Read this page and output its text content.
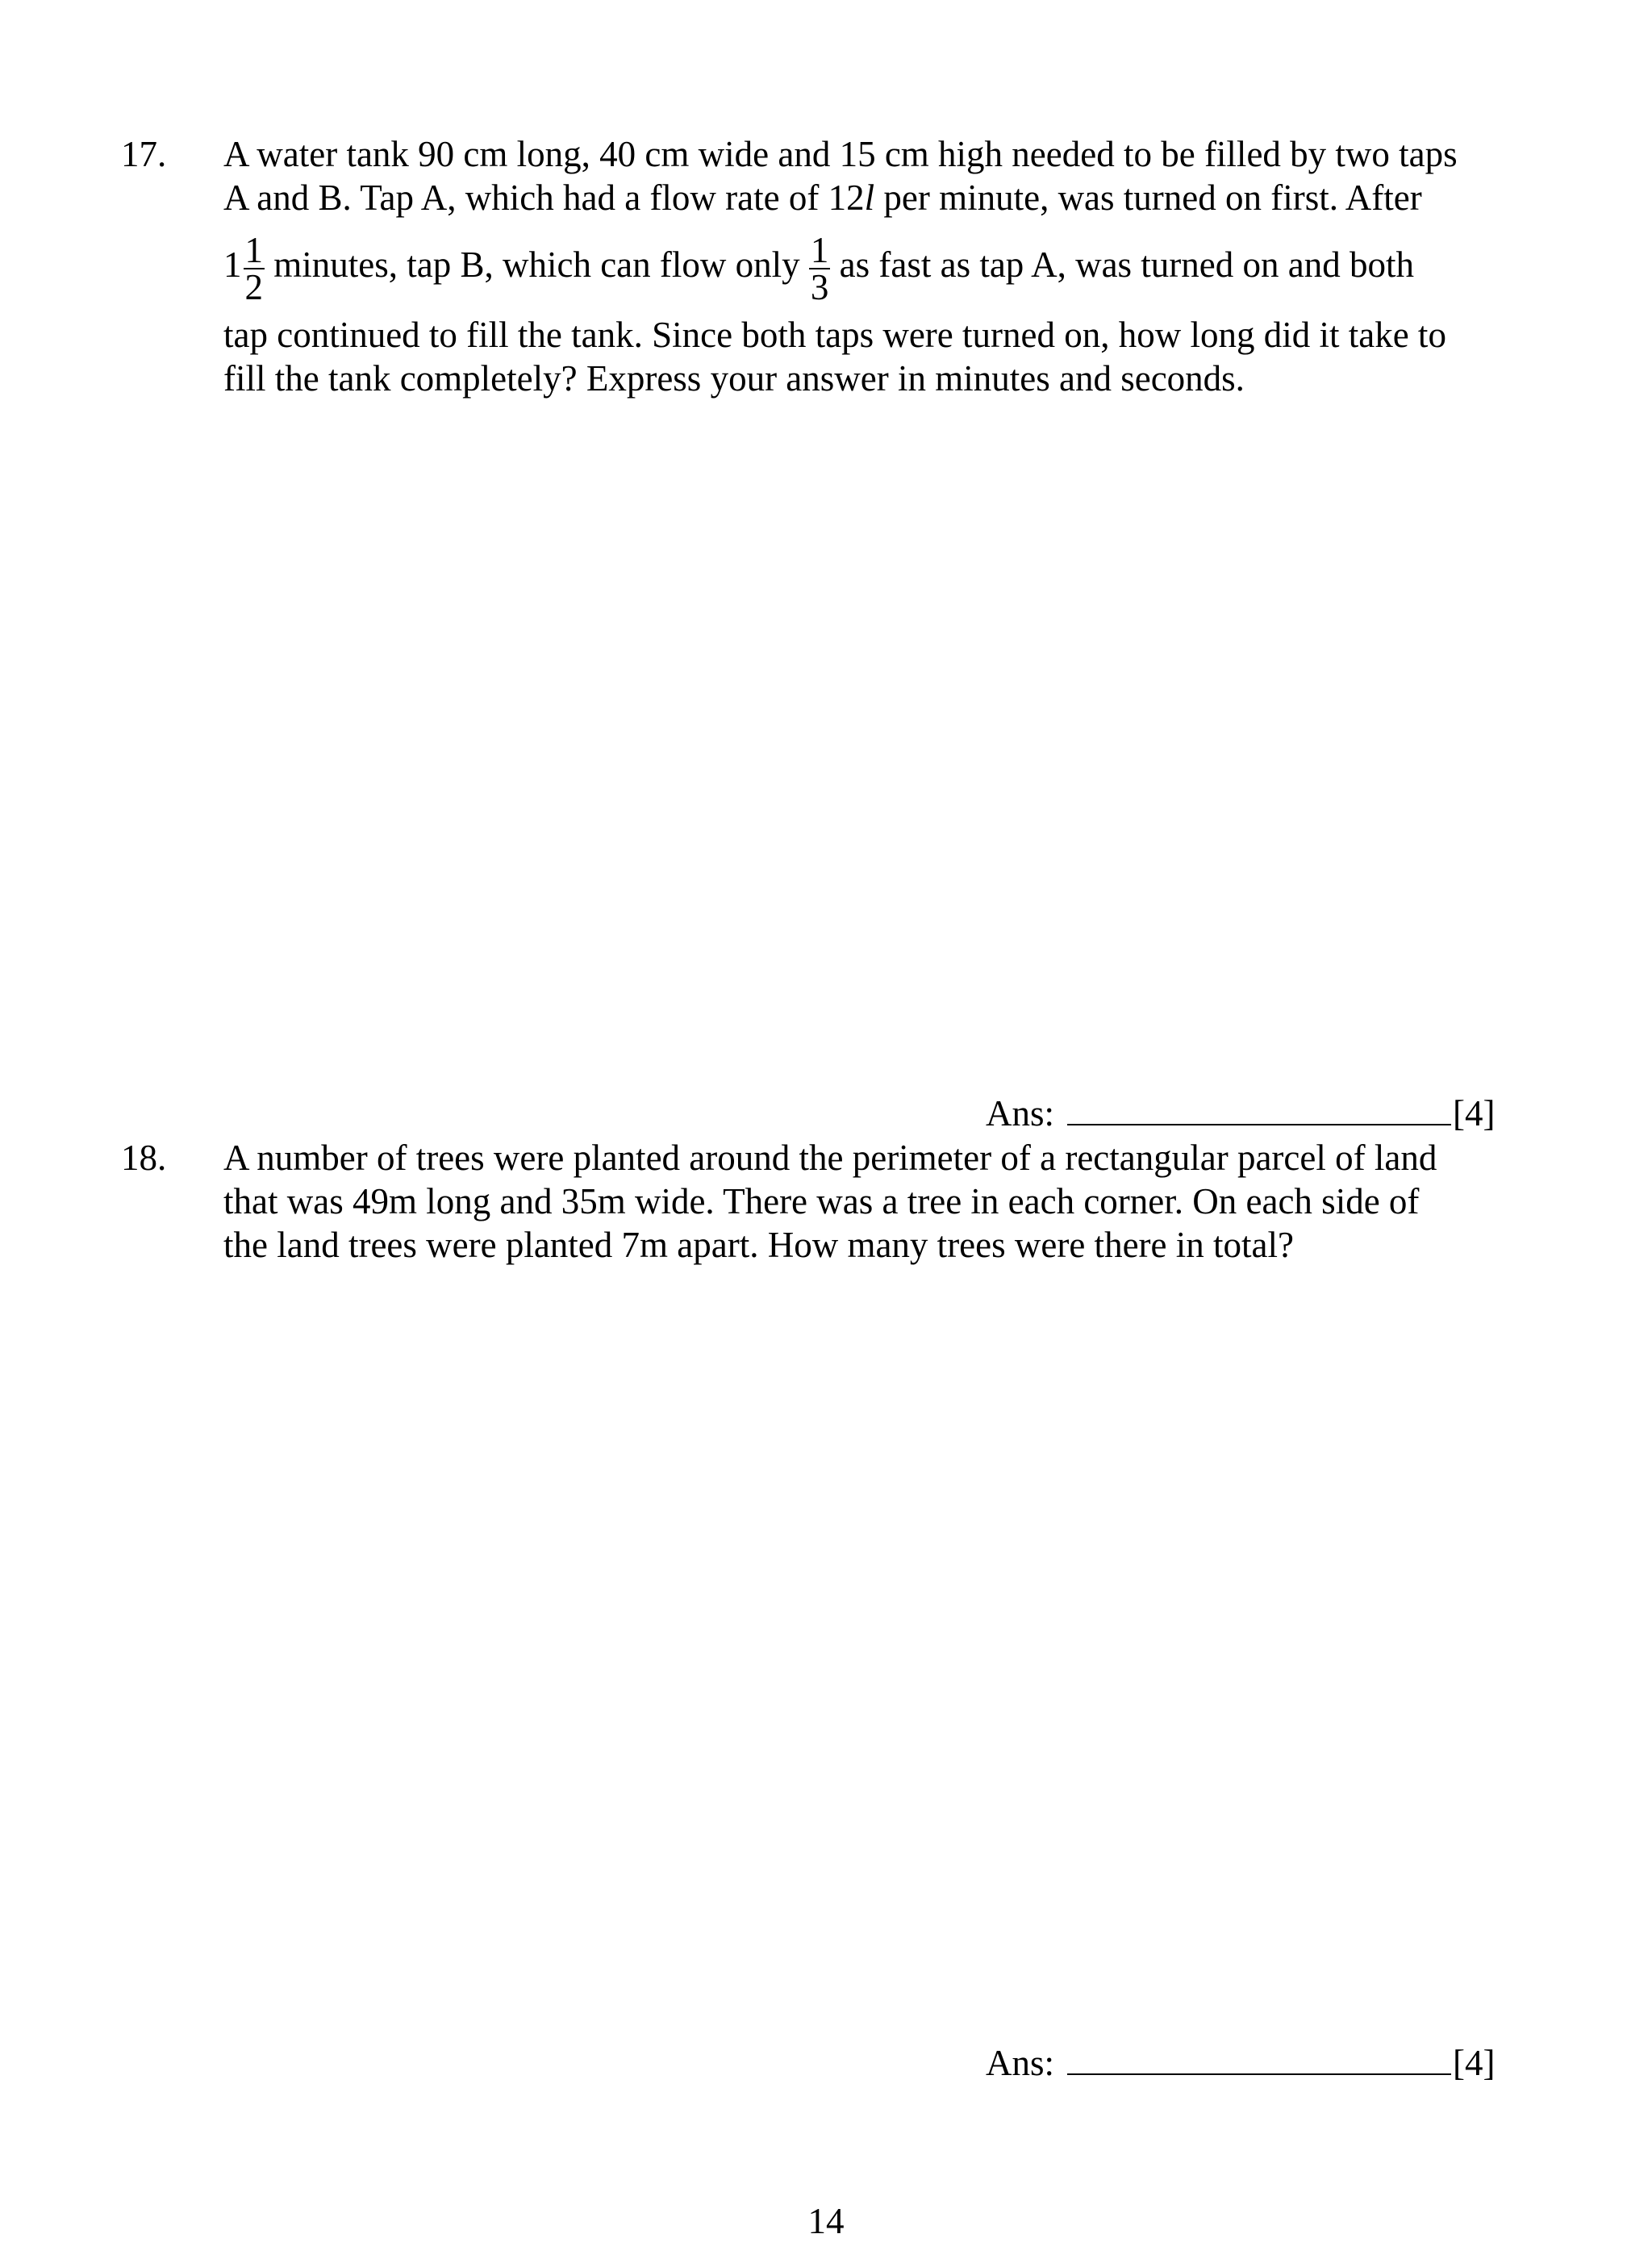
17. A water tank 90 cm long, 40 cm wide and 15 cm high needed to be filled by two taps
A and B. Tap A, which had a flow rate of 12l per minute, was turned on first. After
$1 \frac{1}{2}$ minutes, tap B, which can flow only $\frac{1}{3}$ as fast as tap A, was turned on and both
tap continued to fill the tank. Since both taps were turned on, how long did it take to
fill the tank completely? Express your answer in minutes and seconds.
Ans:	[4]
18. A number of trees were planted around the perimeter of a rectangular parcel of land
that was 49m long and 35m wide. There was a tree in each corner. On each side of
the land trees were planted 7m apart. How many trees were there in total?
Ans:	[4]
14
